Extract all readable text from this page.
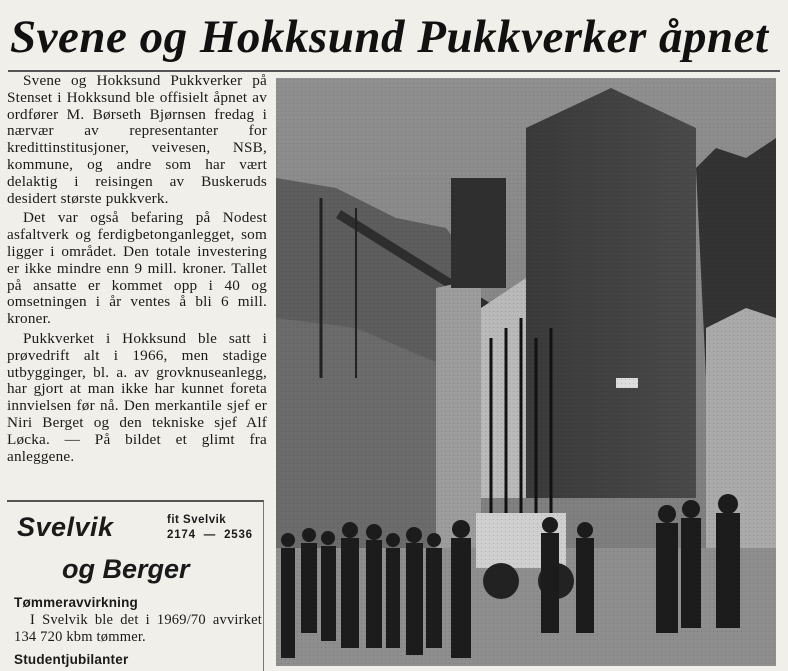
Svene og Hokksund Pukkverker åpnet

Svene og Hokksund Pukkverker på Stenset i Hokksund ble offisielt åpnet av ordfører M. Børseth Bjørnsen fredag i nærvær av representanter for kredittinstitusjoner, veivesen, NSB, kommune, og andre som har vært delaktig i reisingen av Buskeruds desidert største pukkverk.

Det var også befaring på Nodest asfaltverk og ferdigbetonganlegget, som ligger i området. Den totale investering er ikke mindre enn 9 mill. kroner. Tallet på ansatte er kommet opp i 40 og omsetningen i år ventes å bli 6 mill. kroner.

Pukkverket i Hokksund ble satt i prøvedrift alt i 1966, men stadige utbygginger, bl. a. av grovknuseanlegg, har gjort at man ikke har kunnet foreta innvielsen før nå. Den merkantile sjef er Niri Berget og den tekniske sjef Alf Løcka. — På bildet et glimt fra anleggene.

Svelvik	fit Svelvik
2174  —  2536
og Berger
Tømmeravvirkning
I Svelvik ble det i 1969/70 avvirket 134 720 kbm tømmer.
Studentjubilanter
